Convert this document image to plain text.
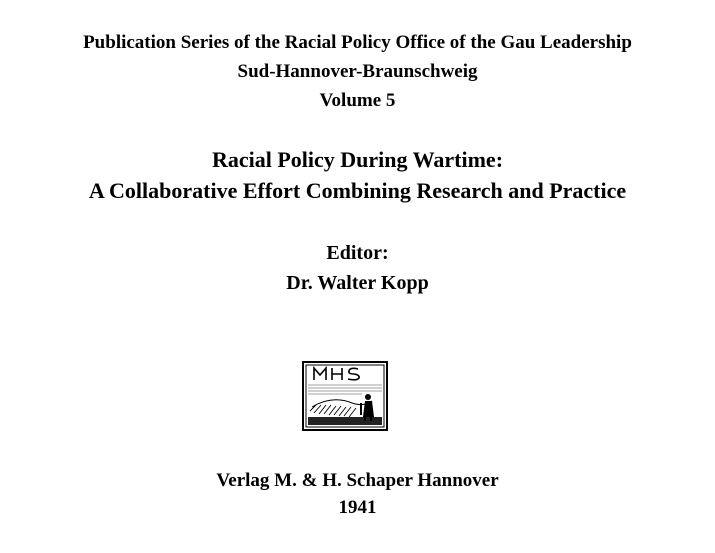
Publication Series of the Racial Policy Office of the Gau Leadership
Sud-Hannover-Braunschweig
Volume 5
Racial Policy During Wartime:
A Collaborative Effort Combining Research and Practice
Editor:
Dr. Walter Kopp
Verlag M. & H. Schaper Hannover
1941
